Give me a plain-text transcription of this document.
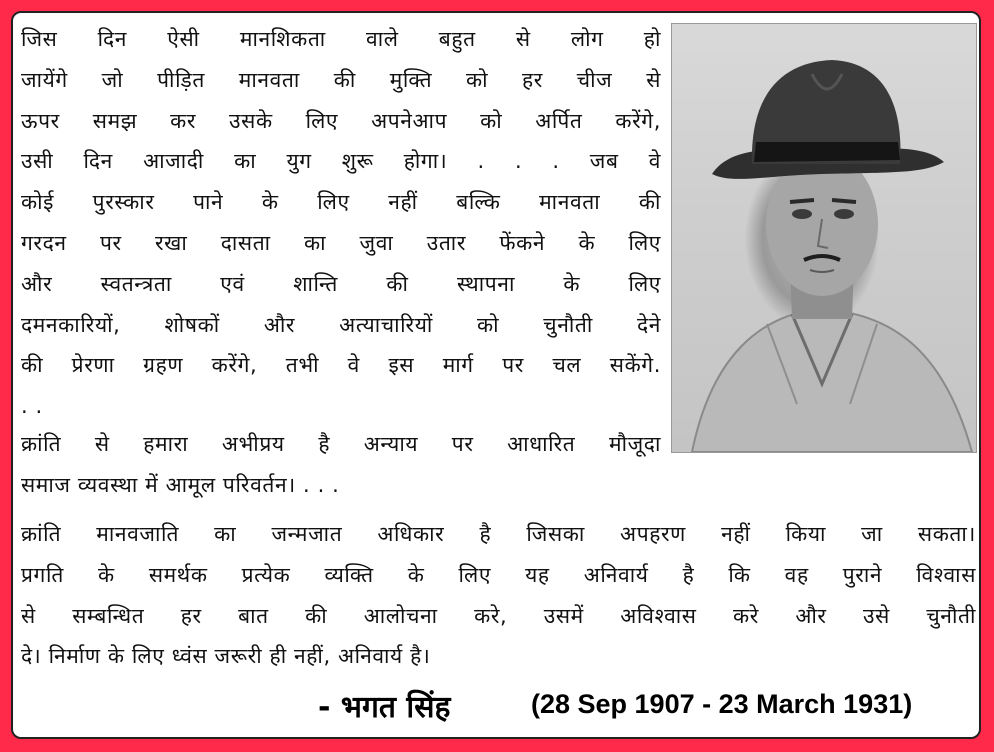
जिस दिन ऐसी मानशिकता वाले बहुत से लोग हो
जायेंगे जो पीड़ित मानवता की मुक्ति को हर चीज से
ऊपर समझ कर उसके लिए अपनेआप को अर्पित करेंगे,
उसी दिन आजादी का युग शुरू होगा। . . . जब वे
कोई पुरस्कार पाने के लिए नहीं बल्कि मानवता की
गरदन पर रखा दासता का जुवा उतार फेंकने के लिए
और स्वतन्त्रता एवं शान्ति की स्थापना के लिए
दमनकारियों, शोषकों और अत्याचारियों को चुनौती देने
की प्रेरणा ग्रहण करेंगे, तभी वे इस मार्ग पर चल सकेंगे.
. .
क्रांति से हमारा अभीप्रय है अन्याय पर आधारित मौजूदा
समाज व्यवस्था में आमूल परिवर्तन। . . .
क्रांति मानवजाति का जन्मजात अधिकार है जिसका अपहरण नहीं किया जा सकता।
प्रगति के समर्थक प्रत्येक व्यक्ति के लिए यह अनिवार्य है कि वह पुराने विश्वास
से सम्बन्धित हर बात की आलोचना करे, उसमें अविश्वास करे और उसे चुनौती
दे। निर्माण के लिए ध्वंस जरूरी ही नहीं, अनिवार्य है।
- भगत सिंह	(28 Sep 1907 - 23 March 1931)
